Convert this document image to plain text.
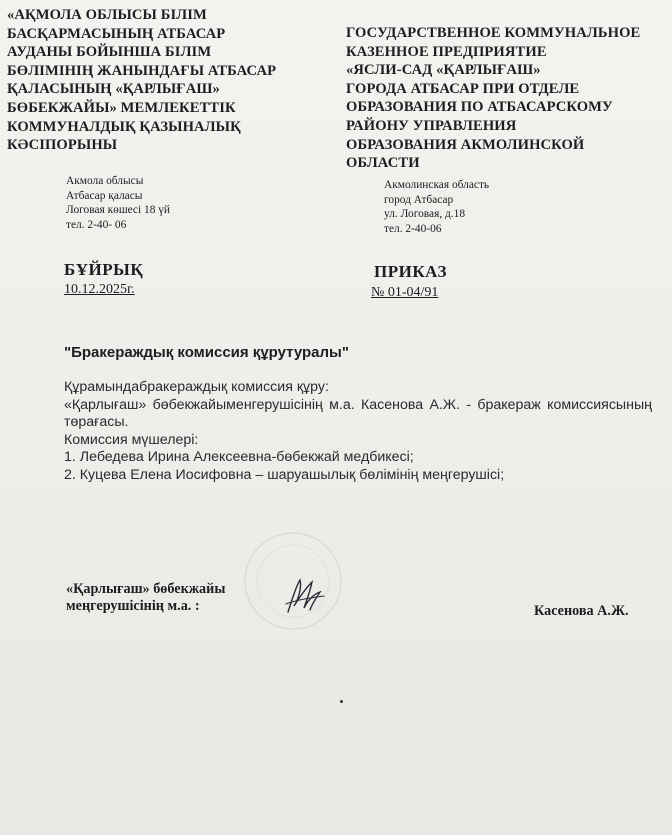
«АҚМОЛА ОБЛЫСЫ БІЛІМ
БАСҚАРМАСЫНЫҢ АТБАСАР
АУДАНЫ БОЙЫНША БІЛІМ
БӨЛІМІНІҢ ЖАНЫНДАҒЫ АТБАСАР
ҚАЛАСЫНЫҢ «ҚАРЛЫҒАШ»
БӨБЕКЖАЙЫ» МЕМЛЕКЕТТІК
КОММУНАЛДЫҚ ҚАЗЫНАЛЫҚ
КӘСІПОРЫНЫ
ГОСУДАРСТВЕННОЕ КОММУНАЛЬНОЕ
КАЗЕННОЕ ПРЕДПРИЯТИЕ
«ЯСЛИ-САД «ҚАРЛЫҒАШ»
ГОРОДА АТБАСАР ПРИ ОТДЕЛЕ
ОБРАЗОВАНИЯ ПО АТБАСАРСКОМУ
РАЙОНУ УПРАВЛЕНИЯ
ОБРАЗОВАНИЯ АКМОЛИНСКОЙ
ОБЛАСТИ
Акмола облысы
Атбасар қаласы
Логовая көшесі 18 үй
тел. 2-40- 06
Акмолинская область
город Атбасар
ул. Логовая, д.18
тел. 2-40-06
БҰЙРЫҚ
10.12.2025г.
ПРИКАЗ
№ 01-04/91
"Бракераждық комиссия құрутуралы"

Құрамындабракераждық комиссия құру:

«Қарлығаш» бөбекжайыменгерушісінің м.а. Касенова А.Ж. - бракераж комиссиясының төрағасы.

Комиссия мүшелері:

1. Лебедева Ирина Алексеевна-бөбекжай медбикесі;

2. Куцева Елена Иосифовна – шаруашылық бөлімінің меңгерушісі;

«Қарлығаш» бөбекжайы
меңгерушісінің м.а. :	Касенова А.Ж.
